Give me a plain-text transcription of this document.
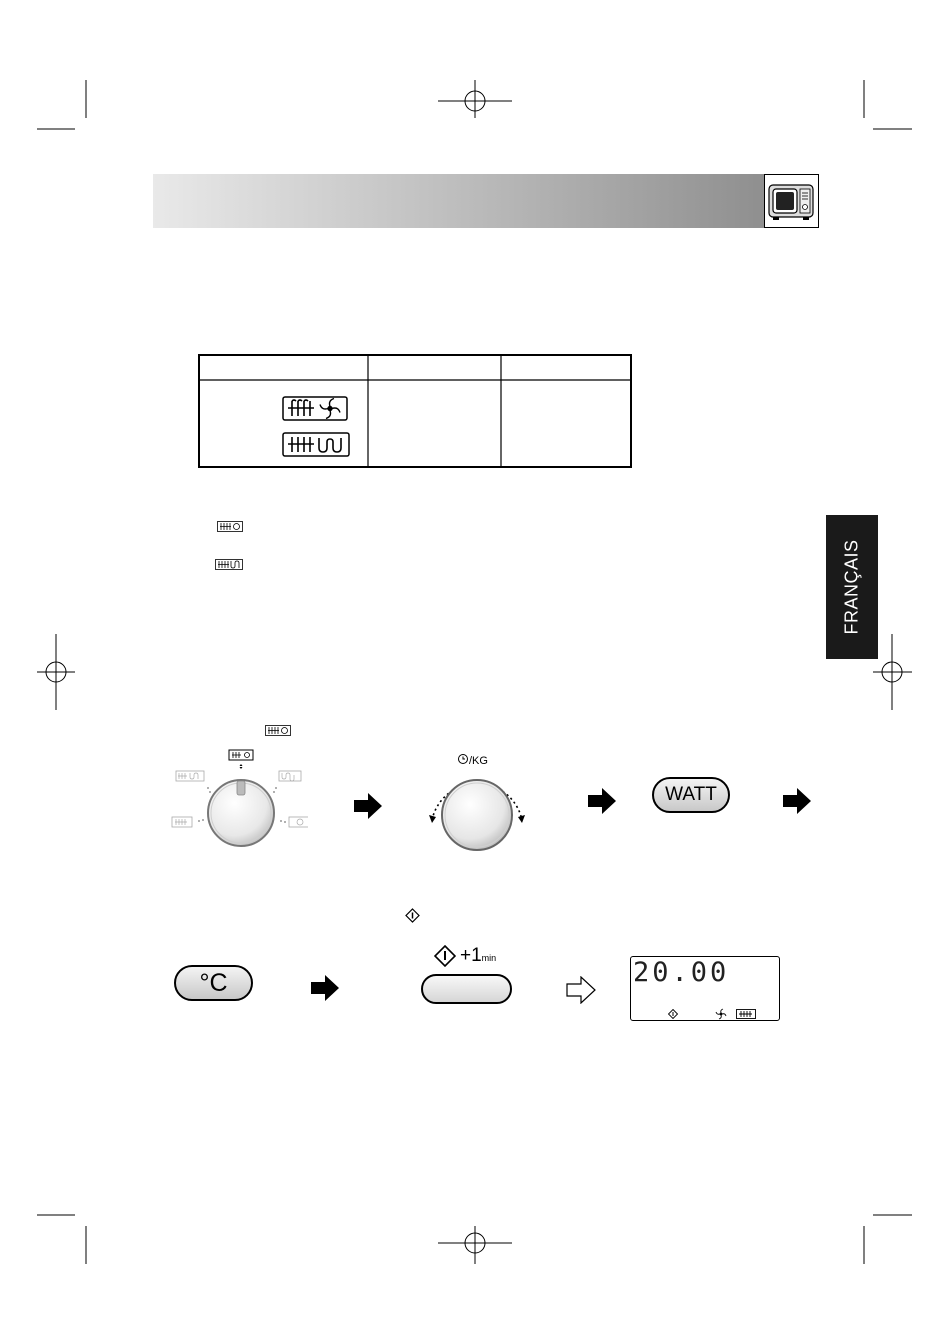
FRANÇAIS
/KG
WATT
°C
+1min	20.00
